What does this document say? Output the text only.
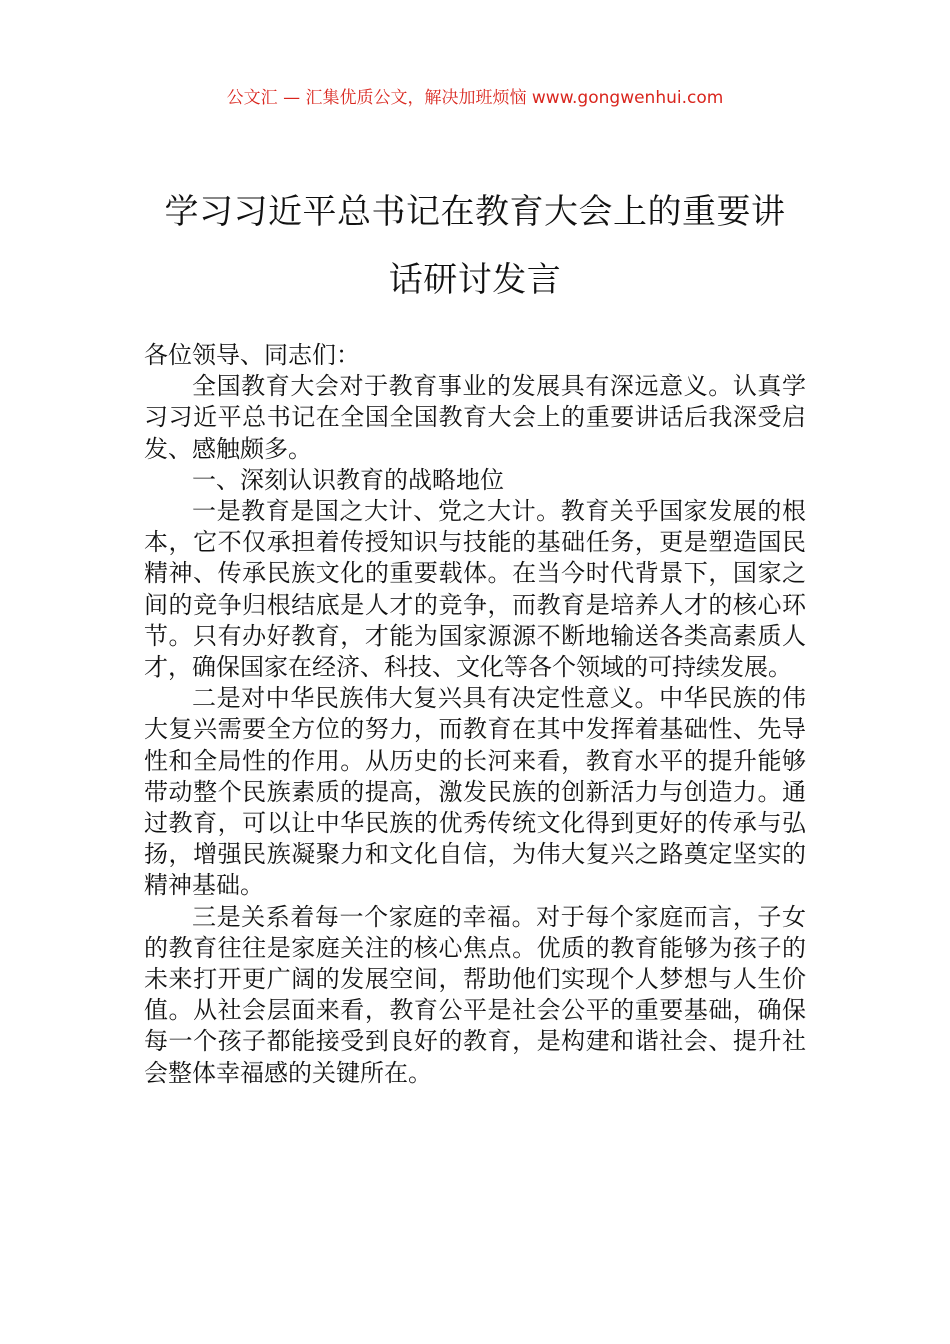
公文汇 — 汇集优质公文，解决加班烦恼 www.gongwenhui.com
学习习近平总书记在教育大会上的重要讲
话研讨发言

各位领导、同志们：

全国教育大会对于教育事业的发展具有深远意义。认真学习习近平总书记在全国全国教育大会上的重要讲话后我深受启发、感触颇多。

一、深刻认识教育的战略地位

一是教育是国之大计、党之大计。教育关乎国家发展的根本，它不仅承担着传授知识与技能的基础任务，更是塑造国民精神、传承民族文化的重要载体。在当今时代背景下，国家之间的竞争归根结底是人才的竞争，而教育是培养人才的核心环节。只有办好教育，才能为国家源源不断地输送各类高素质人才，确保国家在经济、科技、文化等各个领域的可持续发展。

二是对中华民族伟大复兴具有决定性意义。中华民族的伟大复兴需要全方位的努力，而教育在其中发挥着基础性、先导性和全局性的作用。从历史的长河来看，教育水平的提升能够带动整个民族素质的提高，激发民族的创新活力与创造力。通过教育，可以让中华民族的优秀传统文化得到更好的传承与弘扬，增强民族凝聚力和文化自信，为伟大复兴之路奠定坚实的精神基础。

三是关系着每一个家庭的幸福。对于每个家庭而言，子女的教育往往是家庭关注的核心焦点。优质的教育能够为孩子的未来打开更广阔的发展空间，帮助他们实现个人梦想与人生价值。从社会层面来看，教育公平是社会公平的重要基础，确保每一个孩子都能接受到良好的教育，是构建和谐社会、提升社会整体幸福感的关键所在。
